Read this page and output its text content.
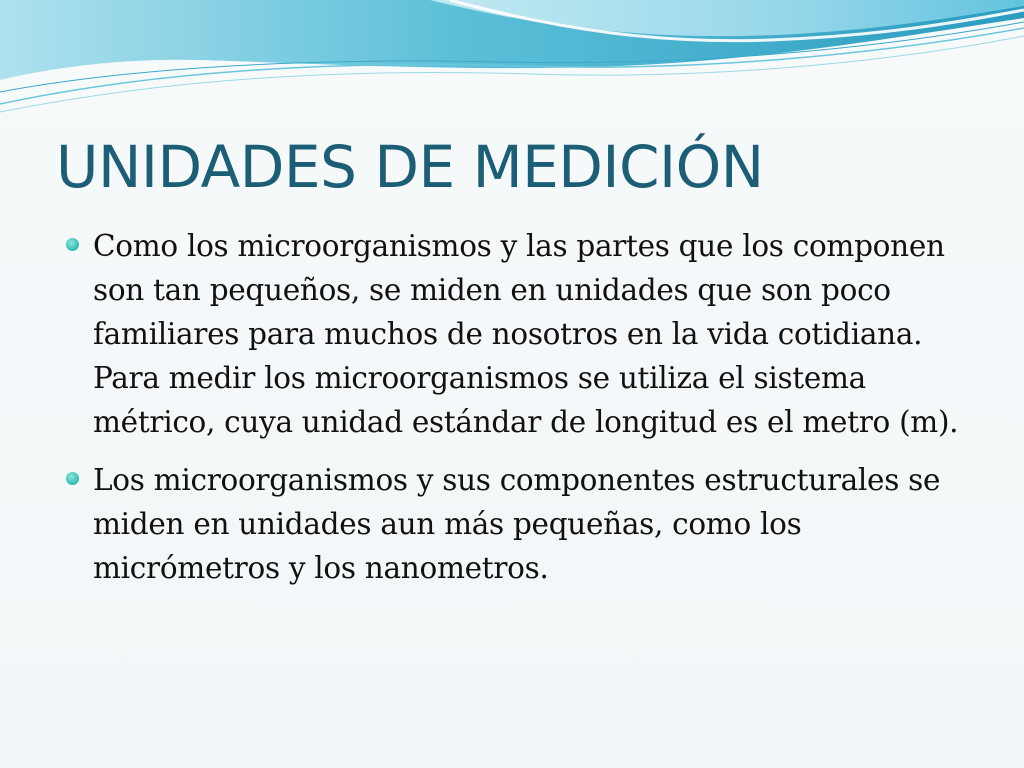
UNIDADES DE MEDICIÓN
Como los microorganismos y las partes que los componen son tan pequeños, se miden en unidades que son poco familiares para muchos de nosotros en la vida cotidiana. Para medir los microorganismos se utiliza el sistema métrico, cuya unidad estándar de longitud es el metro (m).
Los microorganismos y sus componentes estructurales se miden en unidades aun más pequeñas, como los micrómetros y los nanometros.
